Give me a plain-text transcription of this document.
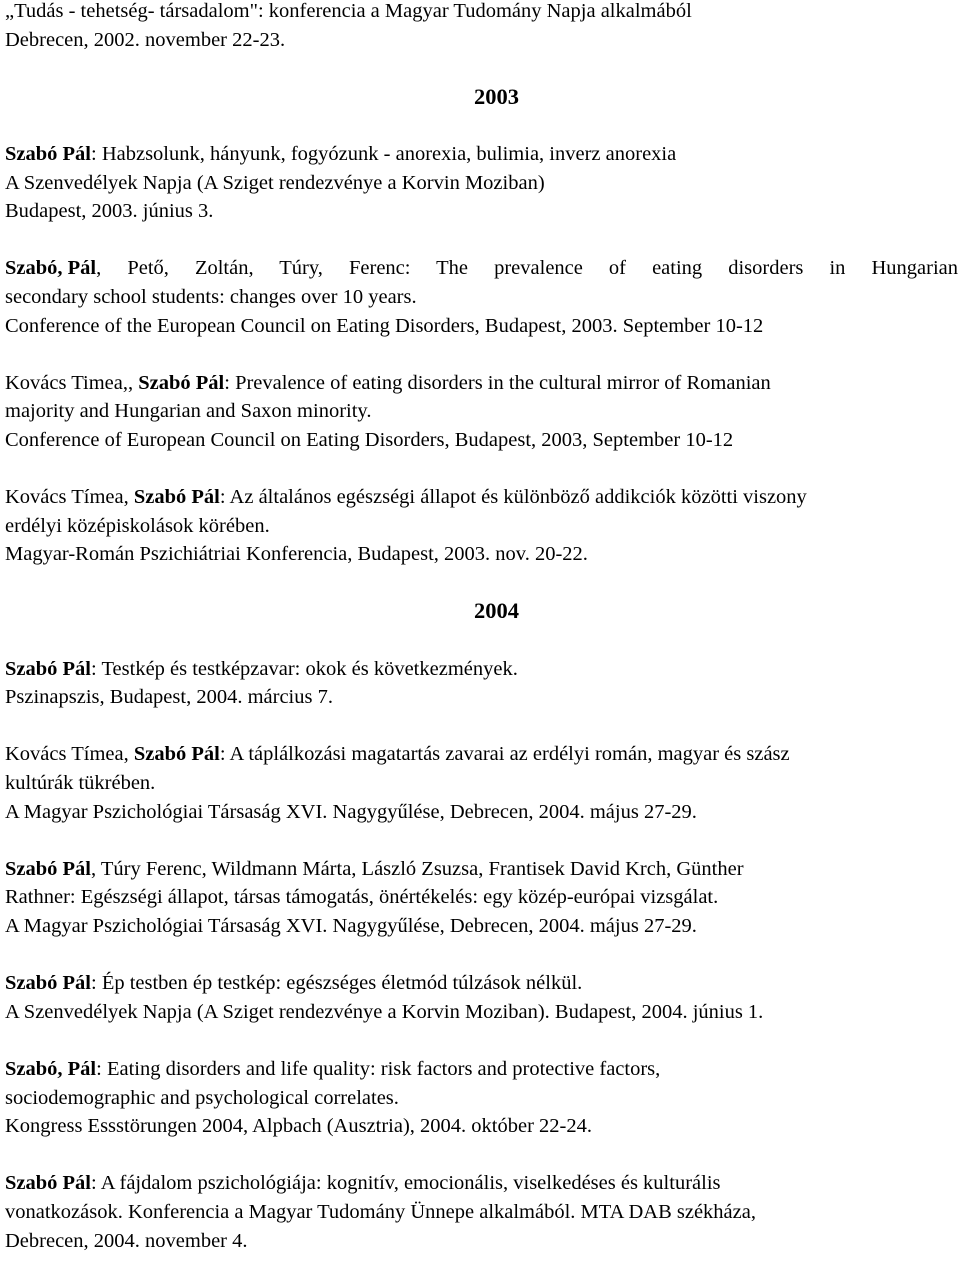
„Tudás - tehetség- társadalom": konferencia a Magyar Tudomány Napja alkalmából
Debrecen, 2002. november 22-23.
2003
Szabó Pál: Habzsolunk, hányunk, fogyózunk - anorexia, bulimia, inverz anorexia
A Szenvedélyek Napja (A Sziget rendezvénye a Korvin Moziban)
Budapest, 2003. június 3.
Szabó, Pál , Pető, Zoltán, Túry, Ferenc: The prevalence of eating disorders in Hungarian
secondary school students: changes over 10 years.
Conference of the European Council on Eating Disorders, Budapest, 2003. September 10-12
Kovács Timea,, Szabó Pál: Prevalence of eating disorders in the cultural mirror of Romanian
majority and Hungarian and Saxon minority.
Conference of European Council on Eating Disorders, Budapest, 2003, September 10-12
Kovács Tímea, Szabó Pál: Az általános egészségi állapot és különböző addikciók közötti viszony
erdélyi középiskolások körében.
Magyar-Román Pszichiátriai Konferencia, Budapest, 2003. nov. 20-22.
2004
Szabó Pál: Testkép és testképzavar: okok és következmények.
Pszinapszis, Budapest, 2004. március 7.
Kovács Tímea, Szabó Pál: A táplálkozási magatartás zavarai az erdélyi román, magyar és szász
kultúrák tükrében.
A Magyar Pszichológiai Társaság XVI. Nagygyűlése, Debrecen, 2004. május 27-29.
Szabó Pál, Túry Ferenc, Wildmann Márta, László Zsuzsa, Frantisek David Krch, Günther
Rathner: Egészségi állapot, társas támogatás, önértékelés: egy közép-európai vizsgálat.
A Magyar Pszichológiai Társaság XVI. Nagygyűlése, Debrecen, 2004. május 27-29.
Szabó Pál: Ép testben ép testkép: egészséges életmód túlzások nélkül.
A Szenvedélyek Napja (A Sziget rendezvénye a Korvin Moziban). Budapest, 2004. június 1.
Szabó, Pál: Eating disorders and life quality: risk factors and protective factors,
sociodemographic and psychological correlates.
Kongress Essstörungen 2004, Alpbach (Ausztria), 2004. október 22-24.
Szabó Pál: A fájdalom pszichológiája: kognitív, emocionális, viselkedéses és kulturális
vonatkozások. Konferencia a Magyar Tudomány Ünnepe alkalmából. MTA DAB székháza,
Debrecen, 2004. november 4.
